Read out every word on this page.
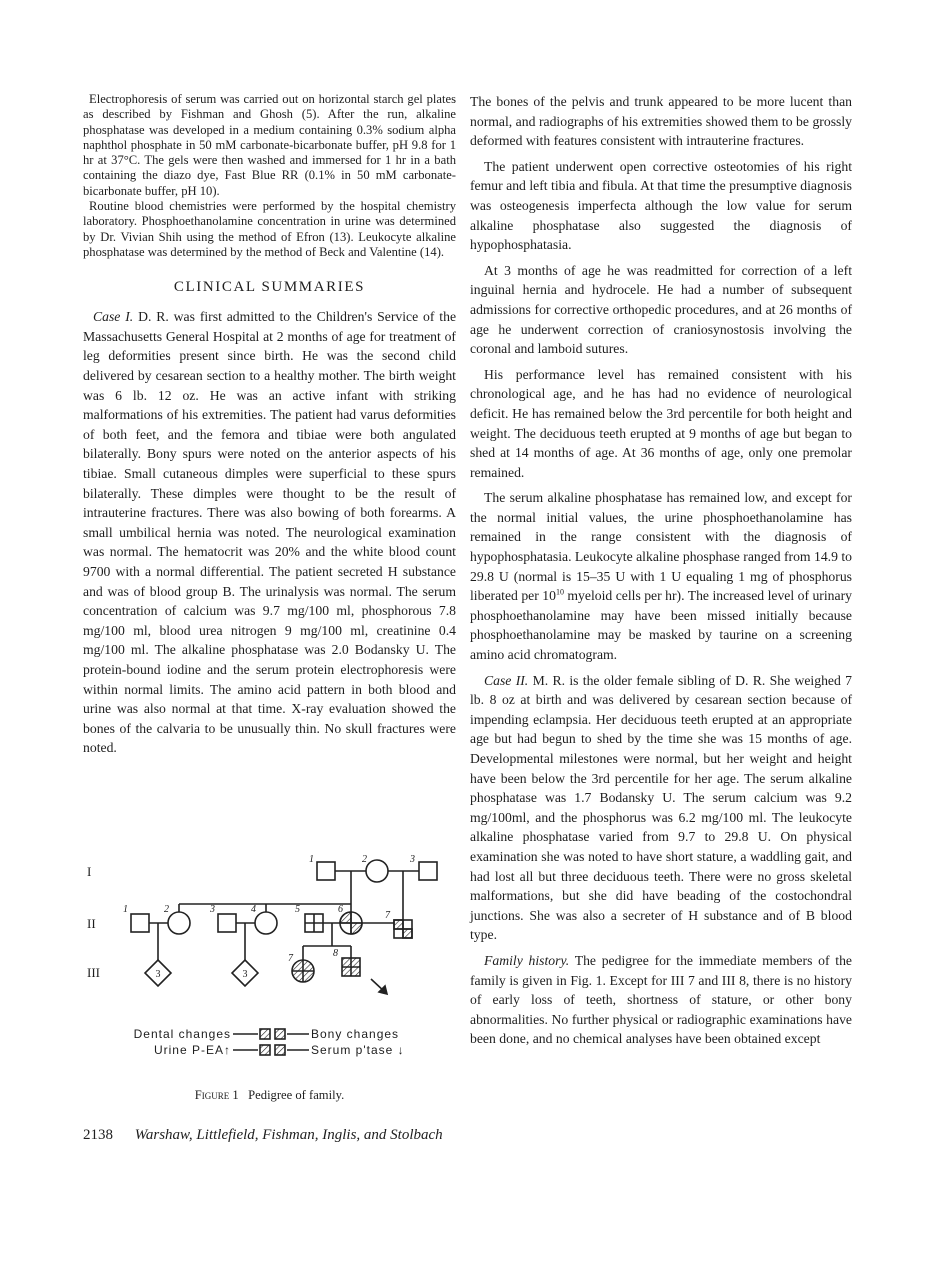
Electrophoresis of serum was carried out on horizontal starch gel plates as described by Fishman and Ghosh (5). After the run, alkaline phosphatase was developed in a medium containing 0.3% sodium alpha naphthol phosphate in 50 mM carbonate-bicarbonate buffer, pH 9.8 for 1 hr at 37°C. The gels were then washed and immersed for 1 hr in a bath containing the diazo dye, Fast Blue RR (0.1% in 50 mM carbonate-bicarbonate buffer, pH 10).

Routine blood chemistries were performed by the hospital chemistry laboratory. Phosphoethanolamine concentration in urine was determined by Dr. Vivian Shih using the method of Efron (13). Leukocyte alkaline phosphatase was determined by the method of Beck and Valentine (14).

CLINICAL SUMMARIES

Case I. D. R. was first admitted to the Children's Service of the Massachusetts General Hospital at 2 months of age for treatment of leg deformities present since birth. He was the second child delivered by cesarean section to a healthy mother. The birth weight was 6 lb. 12 oz. He was an active infant with striking malformations of his extremities. The patient had varus deformities of both feet, and the femora and tibiae were both angulated bilaterally. Bony spurs were noted on the anterior aspects of his tibiae. Small cutaneous dimples were superficial to these spurs bilaterally. These dimples were thought to be the result of intrauterine fractures. There was also bowing of both forearms. A small umbilical hernia was noted. The neurological examination was normal. The hematocrit was 20% and the white blood count 9700 with a normal differential. The patient secreted H substance and was of blood group B. The urinalysis was normal. The serum concentration of calcium was 9.7 mg/100 ml, phosphorous 7.8 mg/100 ml, blood urea nitrogen 9 mg/100 ml, creatinine 0.4 mg/100 ml. The alkaline phosphatase was 2.0 Bodansky U. The protein-bound iodine and the serum protein electrophoresis were within normal limits. The amino acid pattern in both blood and urine was also normal at that time. X-ray evaluation showed the bones of the calvaria to be unusually thin. No skull fractures were noted.

I
II
III
1	2	3
1	2	3	4	5	6
7
7	8
3	3
Dental changes	Bony changes
Urine P-EA↑	Serum p'tase ↓
Figure 1 Pedigree of family.

The bones of the pelvis and trunk appeared to be more lucent than normal, and radiographs of his extremities showed them to be grossly deformed with features consistent with intrauterine fractures.

The patient underwent open corrective osteotomies of his right femur and left tibia and fibula. At that time the presumptive diagnosis was osteogenesis imperfecta although the low value for serum alkaline phosphatase also suggested the diagnosis of hypophosphatasia.

At 3 months of age he was readmitted for correction of a left inguinal hernia and hydrocele. He had a number of subsequent admissions for corrective orthopedic procedures, and at 26 months of age he underwent correction of craniosynostosis involving the coronal and lamboid sutures.

His performance level has remained consistent with his chronological age, and he has had no evidence of neurological deficit. He has remained below the 3rd percentile for both height and weight. The deciduous teeth erupted at 9 months of age but began to shed at 14 months of age. At 36 months of age, only one premolar remained.

The serum alkaline phosphatase has remained low, and except for the normal initial values, the urine phosphoethanolamine has remained in the range consistent with the diagnosis of hypophosphatasia. Leukocyte alkaline phosphase ranged from 14.9 to 29.8 U (normal is 15–35 U with 1 U equaling 1 mg of phosphorus liberated per $10^{10}$ myeloid cells per hr). The increased level of urinary phosphoethanolamine may have been missed initially because phosphoethanolamine may be masked by taurine on a screening amino acid chromatogram.

Case II. M. R. is the older female sibling of D. R. She weighed 7 lb. 8 oz at birth and was delivered by cesarean section because of impending eclampsia. Her deciduous teeth erupted at an appropriate age but had begun to shed by the time she was 15 months of age. Developmental milestones were normal, but her weight and height have been below the 3rd percentile for her age. The serum alkaline phosphatase was 1.7 Bodansky U. The serum calcium was 9.2 mg/100ml, and the phosphorus was 6.2 mg/100 ml. The leukocyte alkaline phosphatase varied from 9.7 to 29.8 U. On physical examination she was noted to have short stature, a waddling gait, and had lost all but three deciduous teeth. There were no gross skeletal malformations, but she did have beading of the costochondral junctions. She was also a secreter of H substance and of B blood type.

Family history. The pedigree for the immediate members of the family is given in Fig. 1. Except for III 7 and III 8, there is no history of early loss of teeth, shortness of stature, or other bony abnormalities. No further physical or radiographic examinations have been done, and no chemical analyses have been obtained except

2138 Warshaw, Littlefield, Fishman, Inglis, and Stolbach
